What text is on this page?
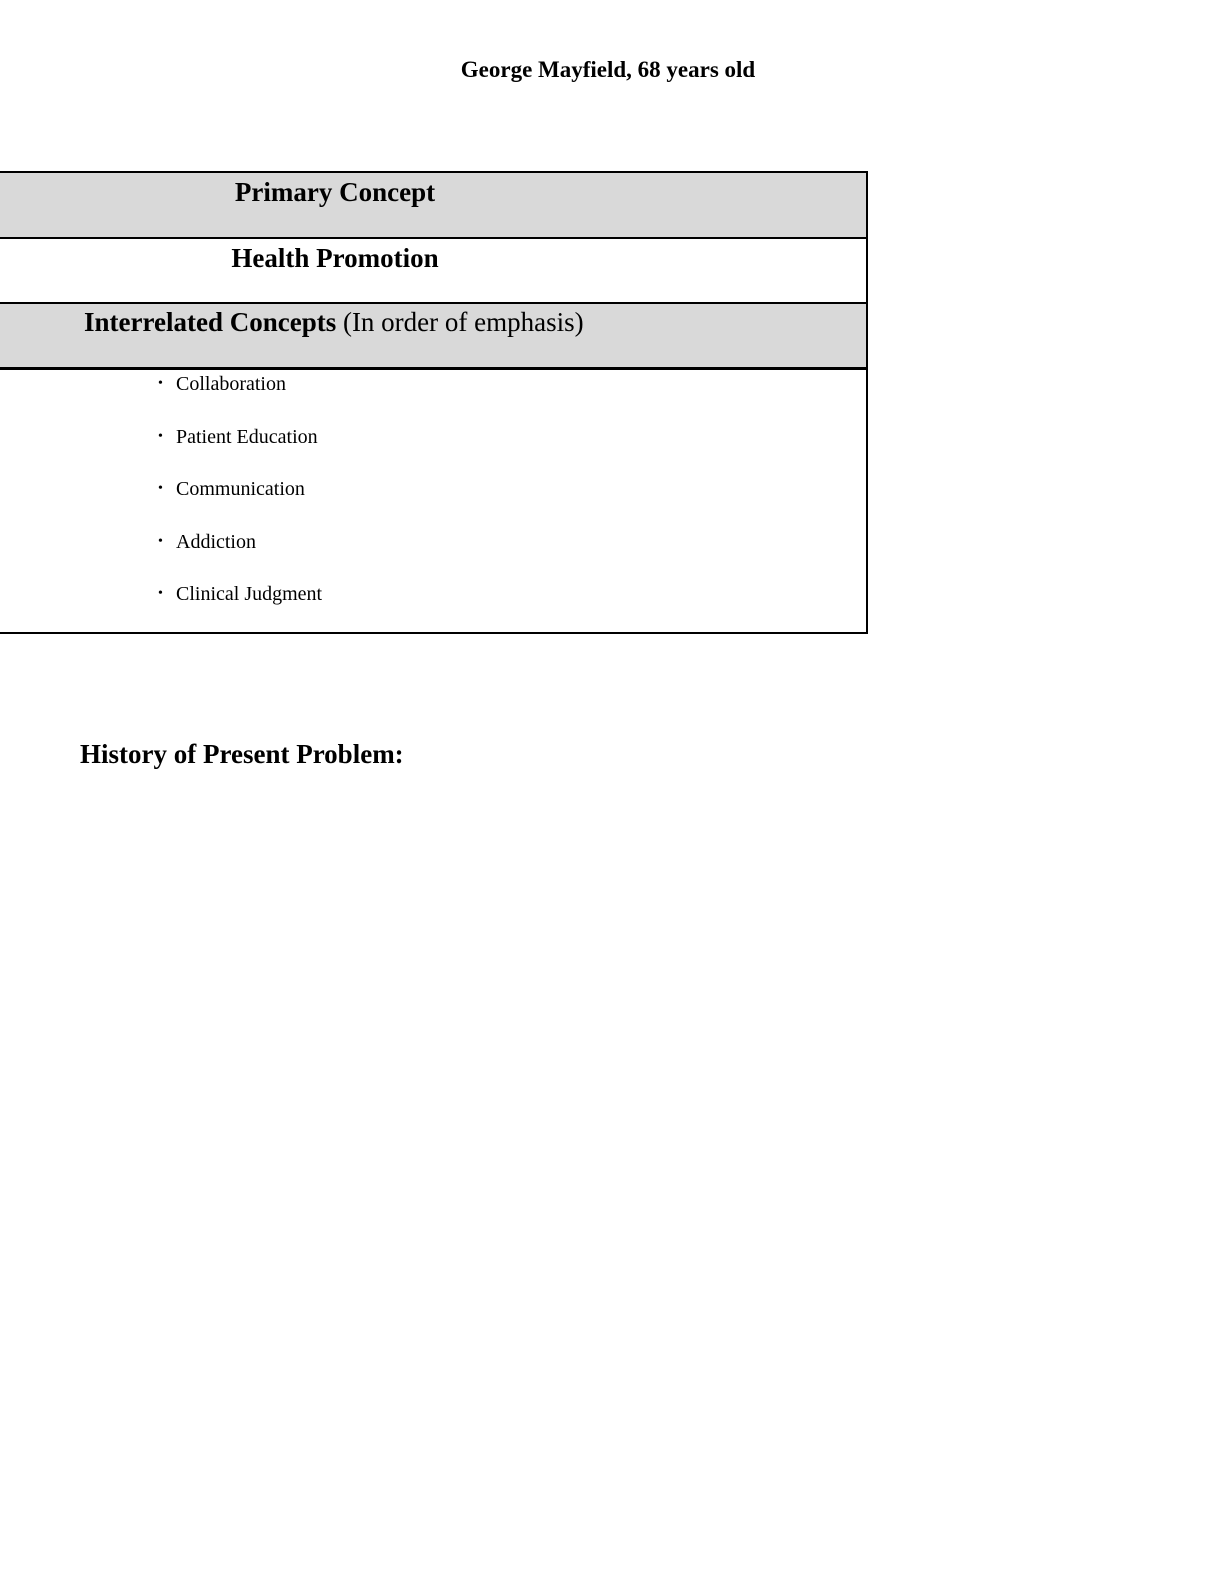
George Mayfield, 68 years old
Primary Concept
Health Promotion
Interrelated Concepts (In order of emphasis)
• Collaboration
• Patient Education
• Communication
• Addiction
• Clinical Judgment
History of Present Problem:
